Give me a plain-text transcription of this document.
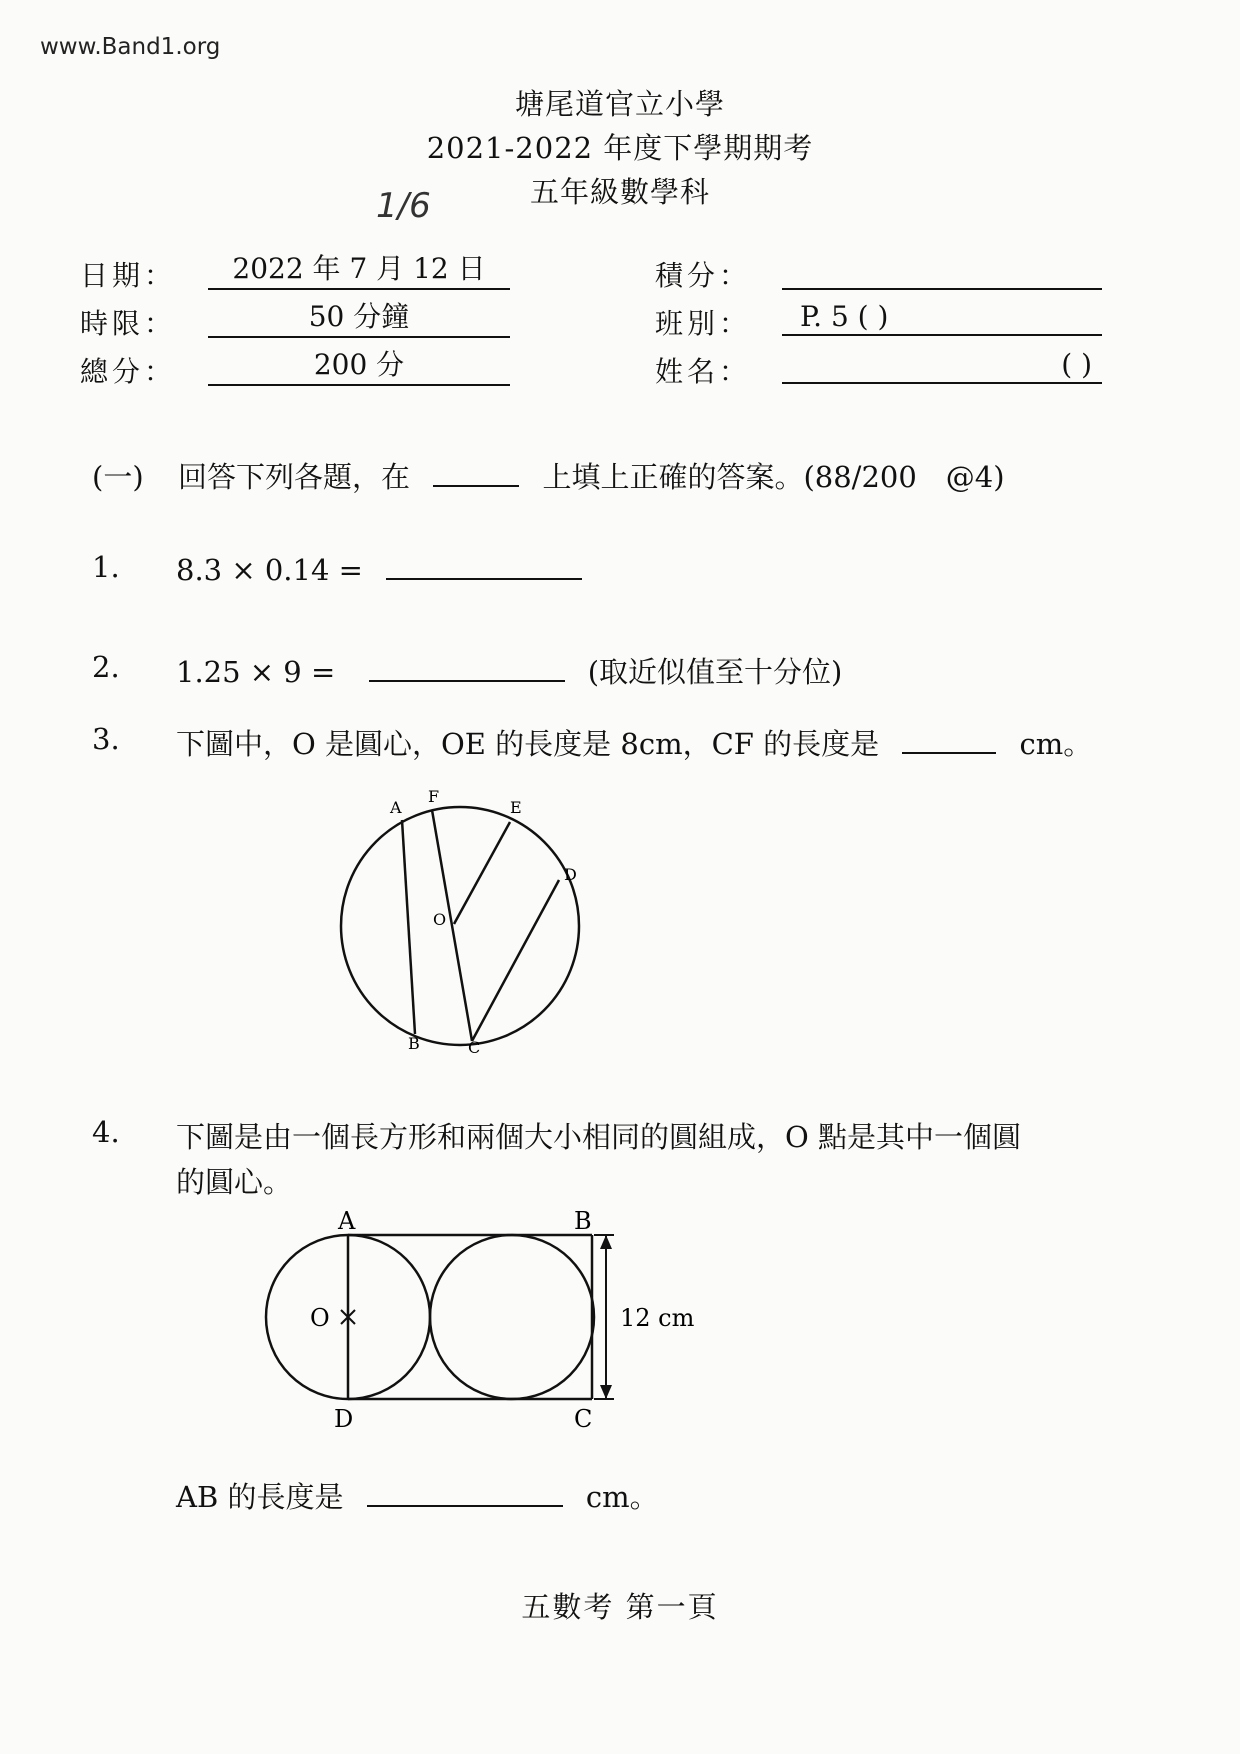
www.Band1.org
塘尾道官立小學
2021-2022 年度下學期期考
五年級數學科
1/6
日期：	2022 年 7 月 12 日
時限：	50 分鐘
總分：	200 分
積分：
班別：	P. 5 ( )
姓名：	( )
(一) 回答下列各題，在	上填上正確的答案。(88/200　@4)
1. 8.3 × 0.14 =
2. 1.25 × 9 =	(取近似值至十分位)
3. 下圖中，O 是圓心，OE 的長度是 8cm，CF 的長度是	cm。
A
F
E
D
O
B	C
4. 下圖是由一個長方形和兩個大小相同的圓組成，O 點是其中一個圓
的圓心。
A	B
D	C
O	12 cm
AB 的長度是	cm。
五數考 第一頁
